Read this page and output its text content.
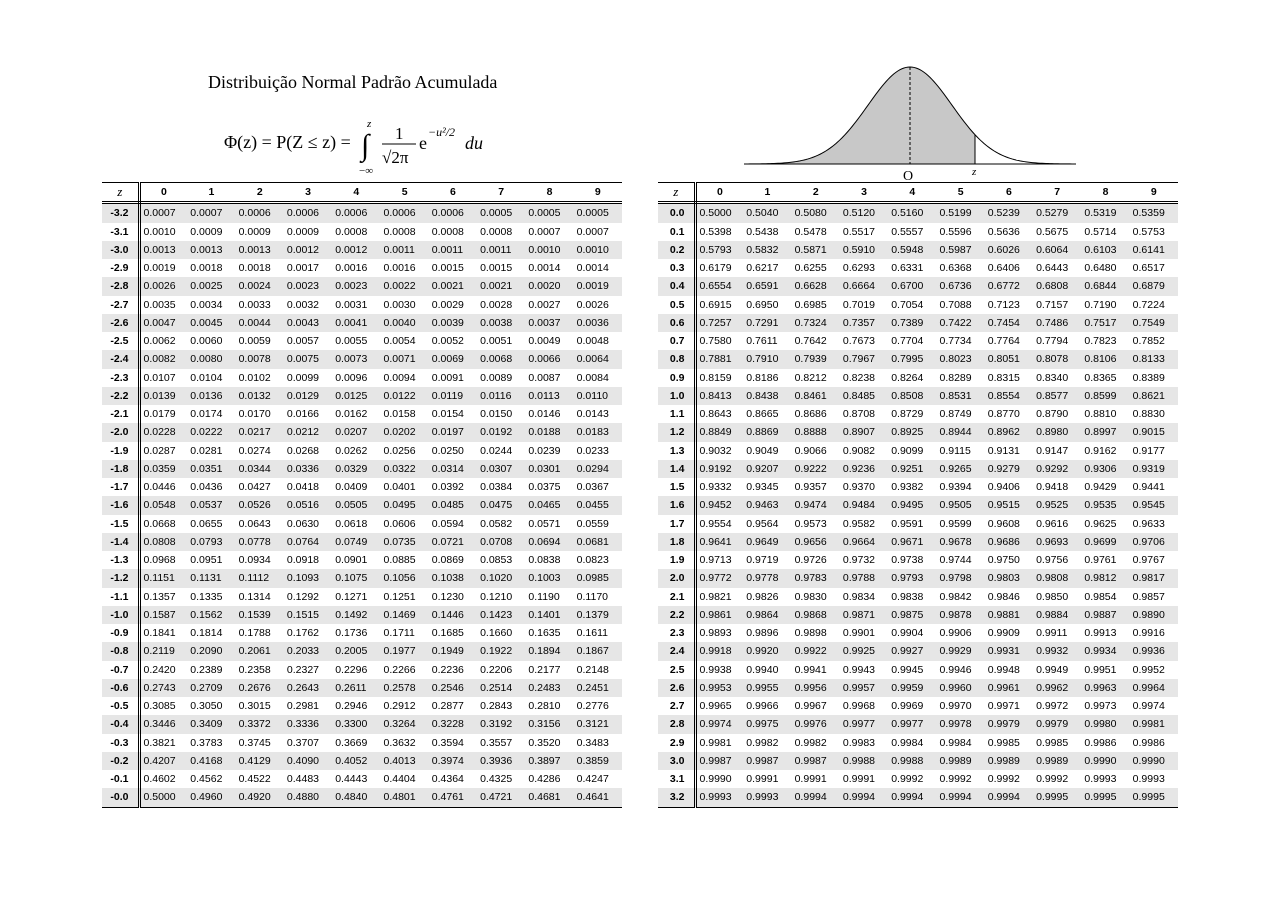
Distribuição Normal Padrão Acumulada
Φ(z) = P(Z ≤ z) = ∫
z
−∞
1
√2π
e
−u²/2
du
O	z
z	0	1	2	3	4	5	6	7	8	9
-3.2	0.0007	0.0007	0.0006	0.0006	0.0006	0.0006	0.0006	0.0005	0.0005	0.0005
-3.1	0.0010	0.0009	0.0009	0.0009	0.0008	0.0008	0.0008	0.0008	0.0007	0.0007
-3.0	0.0013	0.0013	0.0013	0.0012	0.0012	0.0011	0.0011	0.0011	0.0010	0.0010
-2.9	0.0019	0.0018	0.0018	0.0017	0.0016	0.0016	0.0015	0.0015	0.0014	0.0014
-2.8	0.0026	0.0025	0.0024	0.0023	0.0023	0.0022	0.0021	0.0021	0.0020	0.0019
-2.7	0.0035	0.0034	0.0033	0.0032	0.0031	0.0030	0.0029	0.0028	0.0027	0.0026
-2.6	0.0047	0.0045	0.0044	0.0043	0.0041	0.0040	0.0039	0.0038	0.0037	0.0036
-2.5	0.0062	0.0060	0.0059	0.0057	0.0055	0.0054	0.0052	0.0051	0.0049	0.0048
-2.4	0.0082	0.0080	0.0078	0.0075	0.0073	0.0071	0.0069	0.0068	0.0066	0.0064
-2.3	0.0107	0.0104	0.0102	0.0099	0.0096	0.0094	0.0091	0.0089	0.0087	0.0084
-2.2	0.0139	0.0136	0.0132	0.0129	0.0125	0.0122	0.0119	0.0116	0.0113	0.0110
-2.1	0.0179	0.0174	0.0170	0.0166	0.0162	0.0158	0.0154	0.0150	0.0146	0.0143
-2.0	0.0228	0.0222	0.0217	0.0212	0.0207	0.0202	0.0197	0.0192	0.0188	0.0183
-1.9	0.0287	0.0281	0.0274	0.0268	0.0262	0.0256	0.0250	0.0244	0.0239	0.0233
-1.8	0.0359	0.0351	0.0344	0.0336	0.0329	0.0322	0.0314	0.0307	0.0301	0.0294
-1.7	0.0446	0.0436	0.0427	0.0418	0.0409	0.0401	0.0392	0.0384	0.0375	0.0367
-1.6	0.0548	0.0537	0.0526	0.0516	0.0505	0.0495	0.0485	0.0475	0.0465	0.0455
-1.5	0.0668	0.0655	0.0643	0.0630	0.0618	0.0606	0.0594	0.0582	0.0571	0.0559
-1.4	0.0808	0.0793	0.0778	0.0764	0.0749	0.0735	0.0721	0.0708	0.0694	0.0681
-1.3	0.0968	0.0951	0.0934	0.0918	0.0901	0.0885	0.0869	0.0853	0.0838	0.0823
-1.2	0.1151	0.1131	0.1112	0.1093	0.1075	0.1056	0.1038	0.1020	0.1003	0.0985
-1.1	0.1357	0.1335	0.1314	0.1292	0.1271	0.1251	0.1230	0.1210	0.1190	0.1170
-1.0	0.1587	0.1562	0.1539	0.1515	0.1492	0.1469	0.1446	0.1423	0.1401	0.1379
-0.9	0.1841	0.1814	0.1788	0.1762	0.1736	0.1711	0.1685	0.1660	0.1635	0.1611
-0.8	0.2119	0.2090	0.2061	0.2033	0.2005	0.1977	0.1949	0.1922	0.1894	0.1867
-0.7	0.2420	0.2389	0.2358	0.2327	0.2296	0.2266	0.2236	0.2206	0.2177	0.2148
-0.6	0.2743	0.2709	0.2676	0.2643	0.2611	0.2578	0.2546	0.2514	0.2483	0.2451
-0.5	0.3085	0.3050	0.3015	0.2981	0.2946	0.2912	0.2877	0.2843	0.2810	0.2776
-0.4	0.3446	0.3409	0.3372	0.3336	0.3300	0.3264	0.3228	0.3192	0.3156	0.3121
-0.3	0.3821	0.3783	0.3745	0.3707	0.3669	0.3632	0.3594	0.3557	0.3520	0.3483
-0.2	0.4207	0.4168	0.4129	0.4090	0.4052	0.4013	0.3974	0.3936	0.3897	0.3859
-0.1	0.4602	0.4562	0.4522	0.4483	0.4443	0.4404	0.4364	0.4325	0.4286	0.4247
-0.0	0.5000	0.4960	0.4920	0.4880	0.4840	0.4801	0.4761	0.4721	0.4681	0.4641
z	0	1	2	3	4	5	6	7	8	9
0.0	0.5000	0.5040	0.5080	0.5120	0.5160	0.5199	0.5239	0.5279	0.5319	0.5359
0.1	0.5398	0.5438	0.5478	0.5517	0.5557	0.5596	0.5636	0.5675	0.5714	0.5753
0.2	0.5793	0.5832	0.5871	0.5910	0.5948	0.5987	0.6026	0.6064	0.6103	0.6141
0.3	0.6179	0.6217	0.6255	0.6293	0.6331	0.6368	0.6406	0.6443	0.6480	0.6517
0.4	0.6554	0.6591	0.6628	0.6664	0.6700	0.6736	0.6772	0.6808	0.6844	0.6879
0.5	0.6915	0.6950	0.6985	0.7019	0.7054	0.7088	0.7123	0.7157	0.7190	0.7224
0.6	0.7257	0.7291	0.7324	0.7357	0.7389	0.7422	0.7454	0.7486	0.7517	0.7549
0.7	0.7580	0.7611	0.7642	0.7673	0.7704	0.7734	0.7764	0.7794	0.7823	0.7852
0.8	0.7881	0.7910	0.7939	0.7967	0.7995	0.8023	0.8051	0.8078	0.8106	0.8133
0.9	0.8159	0.8186	0.8212	0.8238	0.8264	0.8289	0.8315	0.8340	0.8365	0.8389
1.0	0.8413	0.8438	0.8461	0.8485	0.8508	0.8531	0.8554	0.8577	0.8599	0.8621
1.1	0.8643	0.8665	0.8686	0.8708	0.8729	0.8749	0.8770	0.8790	0.8810	0.8830
1.2	0.8849	0.8869	0.8888	0.8907	0.8925	0.8944	0.8962	0.8980	0.8997	0.9015
1.3	0.9032	0.9049	0.9066	0.9082	0.9099	0.9115	0.9131	0.9147	0.9162	0.9177
1.4	0.9192	0.9207	0.9222	0.9236	0.9251	0.9265	0.9279	0.9292	0.9306	0.9319
1.5	0.9332	0.9345	0.9357	0.9370	0.9382	0.9394	0.9406	0.9418	0.9429	0.9441
1.6	0.9452	0.9463	0.9474	0.9484	0.9495	0.9505	0.9515	0.9525	0.9535	0.9545
1.7	0.9554	0.9564	0.9573	0.9582	0.9591	0.9599	0.9608	0.9616	0.9625	0.9633
1.8	0.9641	0.9649	0.9656	0.9664	0.9671	0.9678	0.9686	0.9693	0.9699	0.9706
1.9	0.9713	0.9719	0.9726	0.9732	0.9738	0.9744	0.9750	0.9756	0.9761	0.9767
2.0	0.9772	0.9778	0.9783	0.9788	0.9793	0.9798	0.9803	0.9808	0.9812	0.9817
2.1	0.9821	0.9826	0.9830	0.9834	0.9838	0.9842	0.9846	0.9850	0.9854	0.9857
2.2	0.9861	0.9864	0.9868	0.9871	0.9875	0.9878	0.9881	0.9884	0.9887	0.9890
2.3	0.9893	0.9896	0.9898	0.9901	0.9904	0.9906	0.9909	0.9911	0.9913	0.9916
2.4	0.9918	0.9920	0.9922	0.9925	0.9927	0.9929	0.9931	0.9932	0.9934	0.9936
2.5	0.9938	0.9940	0.9941	0.9943	0.9945	0.9946	0.9948	0.9949	0.9951	0.9952
2.6	0.9953	0.9955	0.9956	0.9957	0.9959	0.9960	0.9961	0.9962	0.9963	0.9964
2.7	0.9965	0.9966	0.9967	0.9968	0.9969	0.9970	0.9971	0.9972	0.9973	0.9974
2.8	0.9974	0.9975	0.9976	0.9977	0.9977	0.9978	0.9979	0.9979	0.9980	0.9981
2.9	0.9981	0.9982	0.9982	0.9983	0.9984	0.9984	0.9985	0.9985	0.9986	0.9986
3.0	0.9987	0.9987	0.9987	0.9988	0.9988	0.9989	0.9989	0.9989	0.9990	0.9990
3.1	0.9990	0.9991	0.9991	0.9991	0.9992	0.9992	0.9992	0.9992	0.9993	0.9993
3.2	0.9993	0.9993	0.9994	0.9994	0.9994	0.9994	0.9994	0.9995	0.9995	0.9995
